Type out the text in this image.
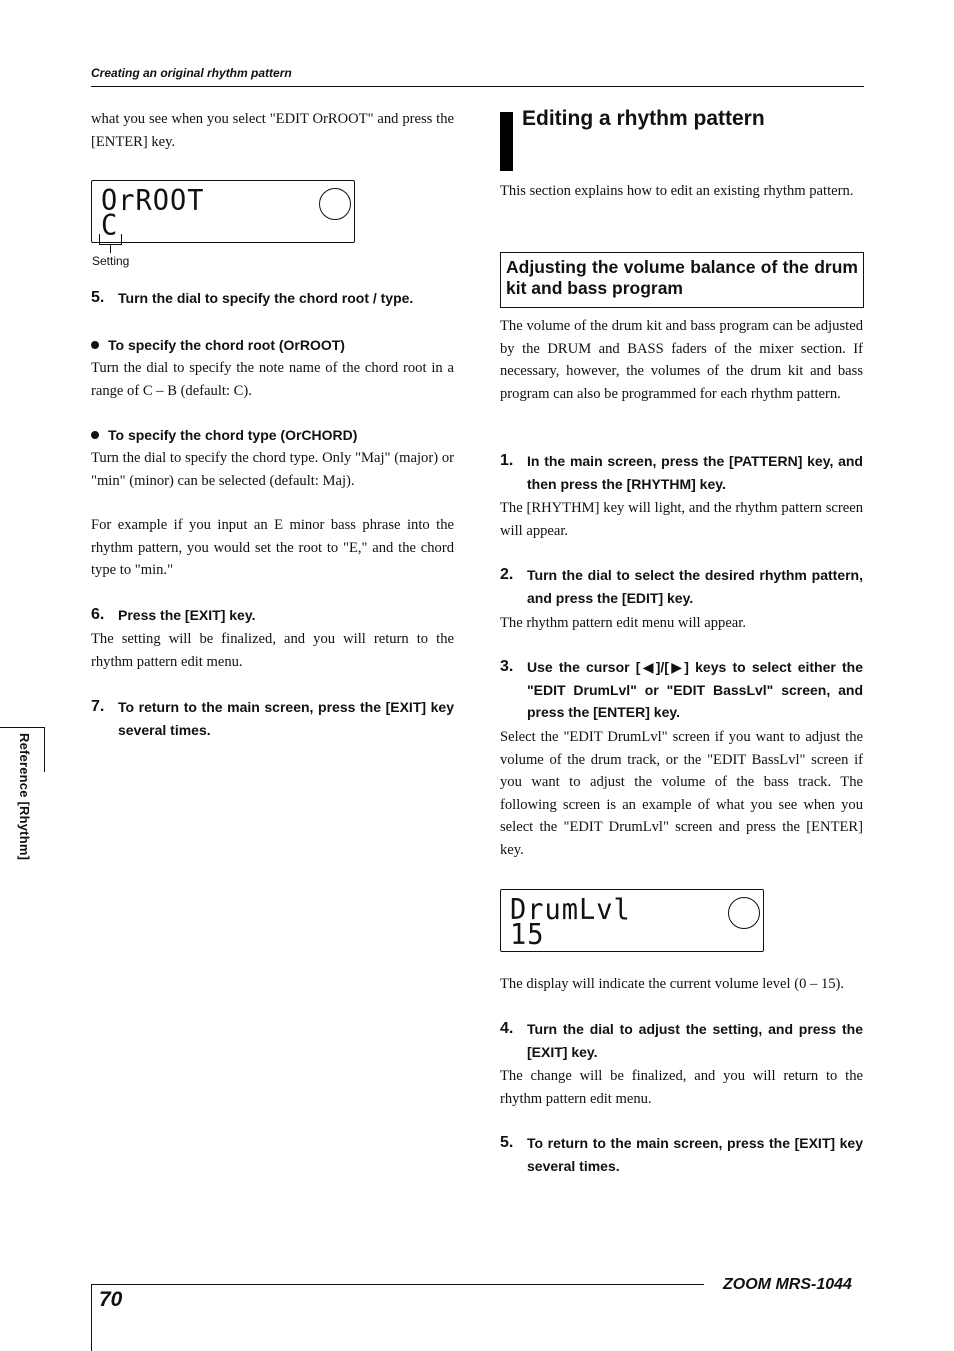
Creating an original rhythm pattern
what you see when you select "EDIT OrROOT" and press the [ENTER] key.
OrROOT
C
Setting
5. Turn the dial to specify the chord root / type.
To specify the chord root (OrROOT)
Turn the dial to specify the note name of the chord root in a range of C – B (default: C).
To specify the chord type (OrCHORD)
Turn the dial to specify the chord type. Only "Maj" (major) or "min" (minor) can be selected (default: Maj).
For example if you input an E minor bass phrase into the rhythm pattern, you would set the root to "E," and the chord type to "min."
6. Press the [EXIT] key.
The setting will be finalized, and you will return to the rhythm pattern edit menu.
7. To return to the main screen, press the [EXIT] key several times.
Editing a rhythm pattern
This section explains how to edit an existing rhythm pattern.
Adjusting the volume balance of the drum kit and bass program
The volume of the drum kit and bass program can be adjusted by the DRUM and BASS faders of the mixer section. If necessary, however, the volumes of the drum kit and bass program can also be programmed for each rhythm pattern.
1. In the main screen, press the [PATTERN] key, and then press the [RHYTHM] key.
The [RHYTHM] key will light, and the rhythm pattern screen will appear.
2. Turn the dial to select the desired rhythm pattern, and press the [EDIT] key.
The rhythm pattern edit menu will appear.
3. Use the cursor [◀]/[▶] keys to select either the "EDIT DrumLvl" or "EDIT BassLvl" screen, and press the [ENTER] key.
Select the "EDIT DrumLvl" screen if you want to adjust the volume of the drum track, or the "EDIT BassLvl" screen if you want to adjust the volume of the bass track. The following screen is an example of what you see when you select the "EDIT DrumLvl" screen and press the [ENTER] key.
DrumLvl
15
The display will indicate the current volume level (0 – 15).
4. Turn the dial to adjust the setting, and press the [EXIT] key.
The change will be finalized, and you will return to the rhythm pattern edit menu.
5. To return to the main screen, press the [EXIT] key several times.
Reference [Rhythm]
70
ZOOM MRS-1044
